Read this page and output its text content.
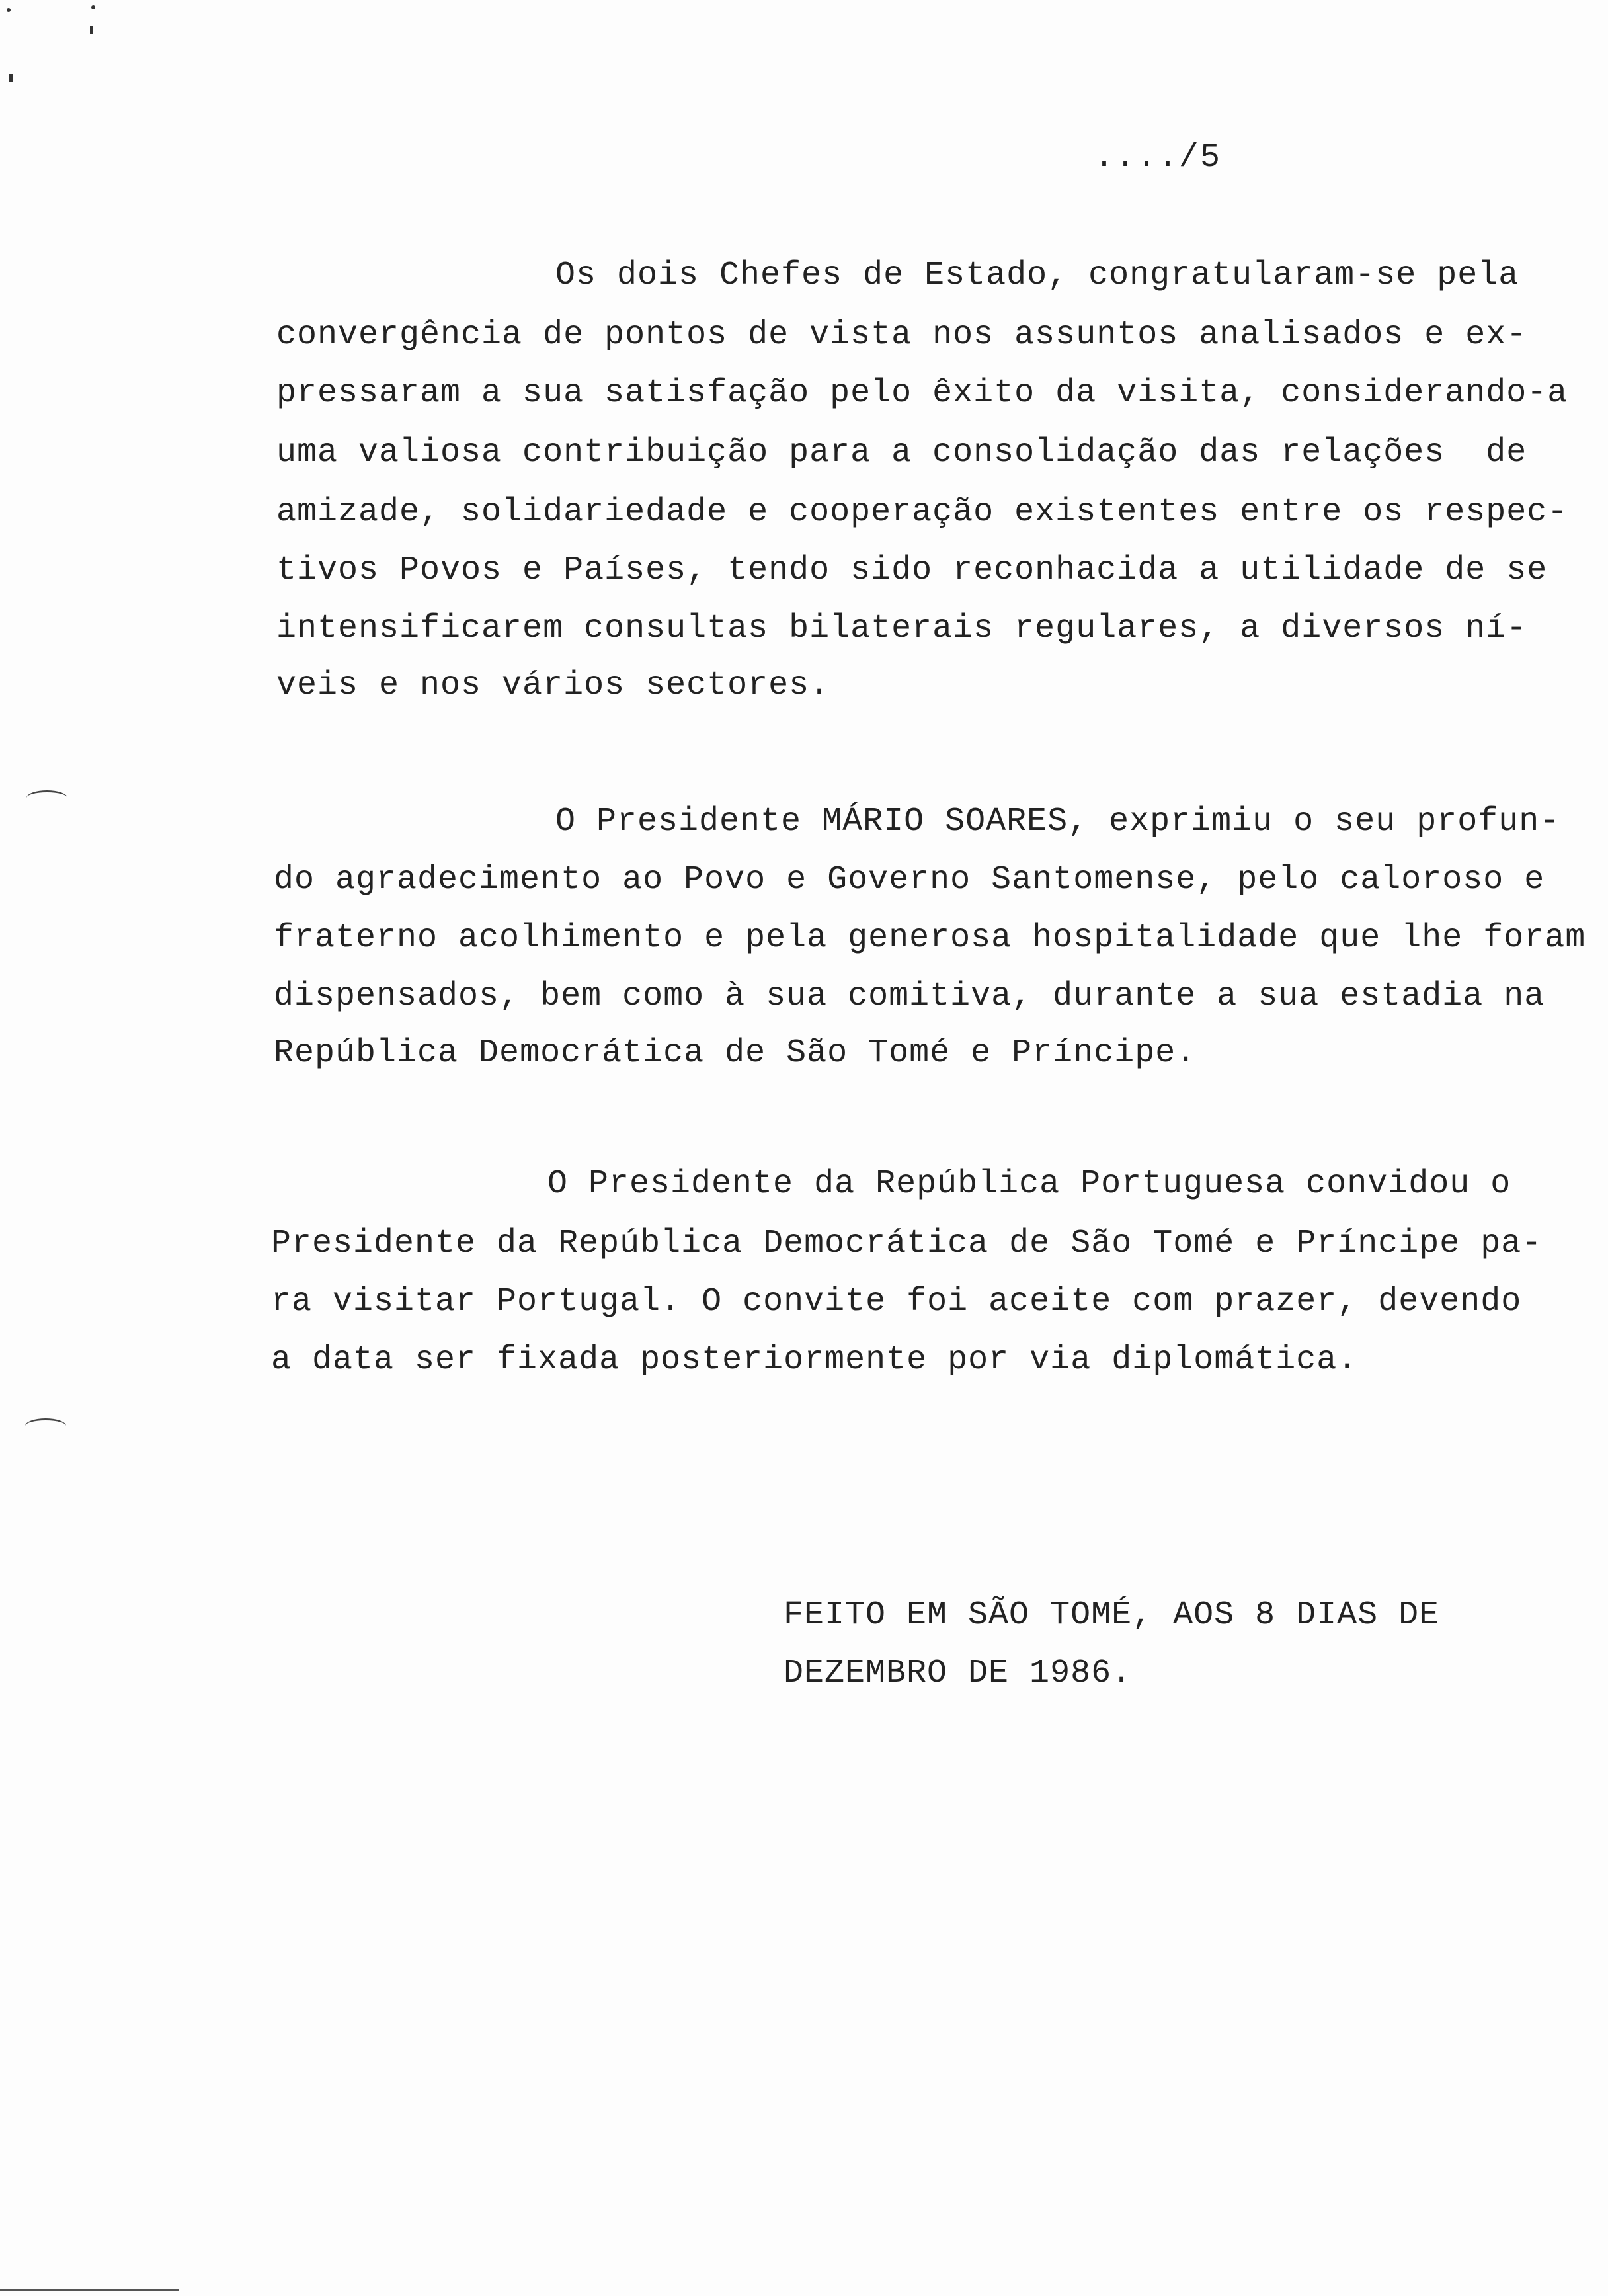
..../5
Os dois Chefes de Estado, congratularam-se pela
convergência de pontos de vista nos assuntos analisados e ex-
pressaram a sua satisfação pelo êxito da visita, considerando-a
uma valiosa contribuição para a consolidação das relações  de
amizade, solidariedade e cooperação existentes entre os respec-
tivos Povos e Países, tendo sido reconhacida a utilidade de se
intensificarem consultas bilaterais regulares, a diversos ní-
veis e nos vários sectores.
O Presidente MÁRIO SOARES, exprimiu o seu profun-
do agradecimento ao Povo e Governo Santomense, pelo caloroso e
fraterno acolhimento e pela generosa hospitalidade que lhe foram
dispensados, bem como à sua comitiva, durante a sua estadia na
República Democrática de São Tomé e Príncipe.
O Presidente da República Portuguesa convidou o
Presidente da República Democrática de São Tomé e Príncipe pa-
ra visitar Portugal. O convite foi aceite com prazer, devendo
a data ser fixada posteriormente por via diplomática.
FEITO EM SÃO TOMÉ, AOS 8 DIAS DE
DEZEMBRO DE 1986.
